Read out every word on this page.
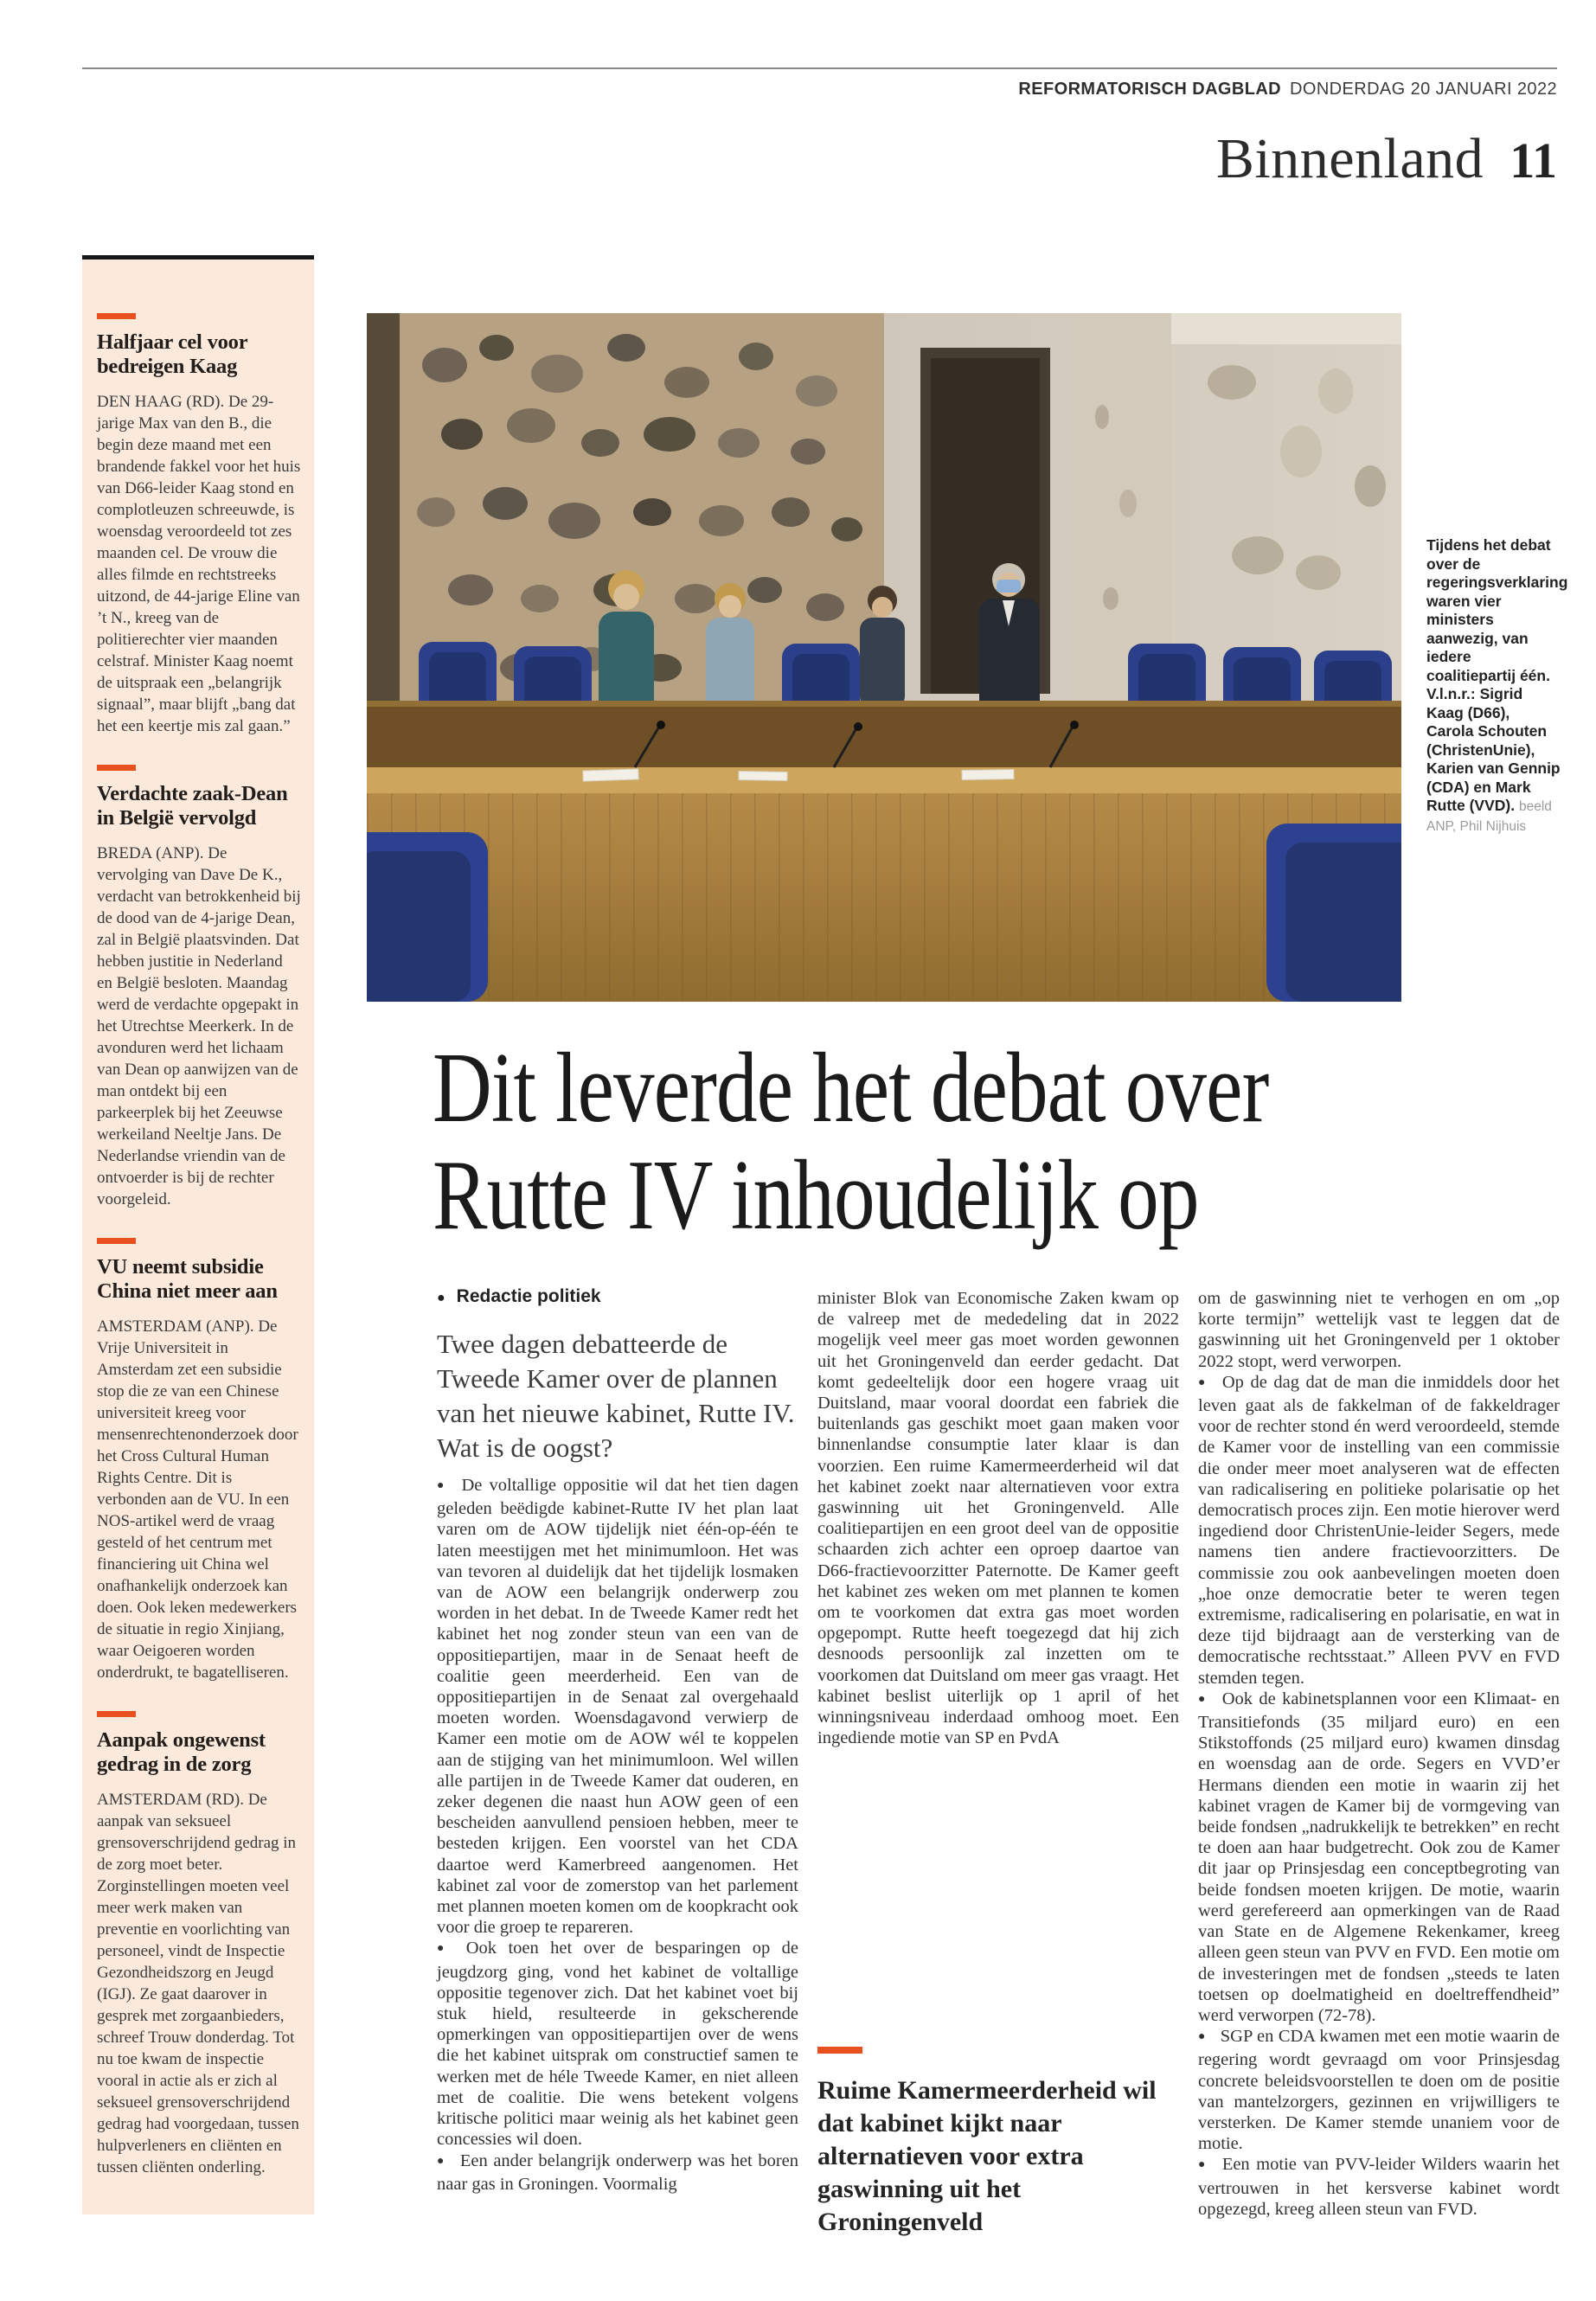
REFORMATORISCH DAGBLAD DONDERDAG 20 JANUARI 2022
Binnenland 11
Halfjaar cel voor bedreigen Kaag

DEN HAAG (RD). De 29-jarige Max van den B., die begin deze maand met een brandende fakkel voor het huis van D66-leider Kaag stond en complotleuzen schreeuwde, is woensdag veroordeeld tot zes maanden cel. De vrouw die alles filmde en rechtstreeks uitzond, de 44-jarige Eline van ’t N., kreeg van de politierechter vier maanden celstraf. Minister Kaag noemt de uitspraak een „belangrijk signaal”, maar blijft „bang dat het een keertje mis zal gaan.”

Verdachte zaak-Dean in België vervolgd

BREDA (ANP). De vervolging van Dave De K., verdacht van betrokkenheid bij de dood van de 4-jarige Dean, zal in België plaatsvinden. Dat hebben justitie in Nederland en België besloten. Maandag werd de verdachte opgepakt in het Utrechtse Meerkerk. In de avonduren werd het lichaam van Dean op aanwijzen van de man ontdekt bij een parkeerplek bij het Zeeuwse werkeiland Neeltje Jans. De Nederlandse vriendin van de ontvoerder is bij de rechter voorgeleid.

VU neemt subsidie China niet meer aan

AMSTERDAM (ANP). De Vrije Universiteit in Amsterdam zet een subsidie stop die ze van een Chinese universiteit kreeg voor mensenrechtenonderzoek door het Cross Cultural Human Rights Centre. Dit is verbonden aan de VU. In een NOS-artikel werd de vraag gesteld of het centrum met financiering uit China wel onafhankelijk onderzoek kan doen. Ook leken medewerkers de situatie in regio Xinjiang, waar Oeigoeren worden onderdrukt, te bagatelliseren.

Aanpak ongewenst gedrag in de zorg

AMSTERDAM (RD). De aanpak van seksueel grensoverschrijdend gedrag in de zorg moet beter. Zorginstellingen moeten veel meer werk maken van preventie en voorlichting van personeel, vindt de Inspectie Gezondheidszorg en Jeugd (IGJ). Ze gaat daarover in gesprek met zorgaanbieders, schreef Trouw donderdag. Tot nu toe kwam de inspectie vooral in actie als er zich al seksueel grensoverschrijdend gedrag had voorgedaan, tussen hulpverleners en cliënten en tussen cliënten onderling.

Tijdens het debat over de regeringsverklaring waren vier ministers aanwezig, van iedere coalitiepartij één. V.l.n.r.: Sigrid Kaag (D66), Carola Schouten (ChristenUnie), Karien van Gennip (CDA) en Mark Rutte (VVD). beeld ANP, Phil Nijhuis
Dit leverde het debat over
Rutte IV inhoudelijk op
● Redactie politiek
Twee dagen debatteerde de Tweede Kamer over de plannen van het nieuwe kabinet, Rutte IV. Wat is de oogst?

● De voltallige oppositie wil dat het tien dagen geleden beëdigde kabinet-Rutte IV het plan laat varen om de AOW tijdelijk niet één-op-één te laten meestijgen met het minimumloon. Het was van tevoren al duidelijk dat het tijdelijk losmaken van de AOW een belangrijk onderwerp zou worden in het debat. In de Tweede Kamer redt het kabinet het nog zonder steun van een van de oppositiepartijen, maar in de Senaat heeft de coalitie geen meerderheid. Een van de oppositiepartijen in de Senaat zal overgehaald moeten worden. Woensdagavond verwierp de Kamer een motie om de AOW wél te koppelen aan de stijging van het minimumloon. Wel willen alle partijen in de Tweede Kamer dat ouderen, en zeker degenen die naast hun AOW geen of een bescheiden aanvullend pensioen hebben, meer te besteden krijgen. Een voorstel van het CDA daartoe werd Kamerbreed aangenomen. Het kabinet zal voor de zomerstop van het parlement met plannen moeten komen om de koopkracht ook voor die groep te repareren.

● Ook toen het over de besparingen op de jeugdzorg ging, vond het kabinet de voltallige oppositie tegenover zich. Dat het kabinet voet bij stuk hield, resulteerde in gekscherende opmerkingen van oppositiepartijen over de wens die het kabinet uitsprak om constructief samen te werken met de héle Tweede Kamer, en niet alleen met de coalitie. Die wens betekent volgens kritische politici maar weinig als het kabinet geen concessies wil doen.

● Een ander belangrijk onderwerp was het boren naar gas in Groningen. Voormalig

minister Blok van Economische Zaken kwam op de valreep met de mededeling dat in 2022 mogelijk veel meer gas moet worden gewonnen uit het Groningenveld dan eerder gedacht. Dat komt gedeeltelijk door een hogere vraag uit Duitsland, maar vooral doordat een fabriek die buitenlands gas geschikt moet gaan maken voor binnenlandse consumptie later klaar is dan voorzien. Een ruime Kamermeerderheid wil dat het kabinet zoekt naar alternatieven voor extra gaswinning uit het Groningenveld. Alle coalitiepartijen en een groot deel van de oppositie schaarden zich achter een oproep daartoe van D66-fractievoorzitter Paternotte. De Kamer geeft het kabinet zes weken om met plannen te komen om te voorkomen dat extra gas moet worden opgepompt. Rutte heeft toegezegd dat hij zich desnoods persoonlijk zal inzetten om te voorkomen dat Duitsland om meer gas vraagt. Het kabinet beslist uiterlijk op 1 april of het winningsniveau inderdaad omhoog moet. Een ingediende motie van SP en PvdA

Ruime Kamermeerderheid wil dat kabinet kijkt naar alternatieven voor extra gaswinning uit het Groningenveld

om de gaswinning niet te verhogen en om „op korte termijn” wettelijk vast te leggen dat de gaswinning uit het Groningenveld per 1 oktober 2022 stopt, werd verworpen.

● Op de dag dat de man die inmiddels door het leven gaat als de fakkelman of de fakkeldrager voor de rechter stond én werd veroordeeld, stemde de Kamer voor de instelling van een commissie die onder meer moet analyseren wat de effecten van radicalisering en politieke polarisatie op het democratisch proces zijn. Een motie hierover werd ingediend door ChristenUnie-leider Segers, mede namens tien andere fractievoorzitters. De commissie zou ook aanbevelingen moeten doen „hoe onze democratie beter te weren tegen extremisme, radicalisering en polarisatie, en wat in deze tijd bijdraagt aan de versterking van de democratische rechtsstaat.” Alleen PVV en FVD stemden tegen.

● Ook de kabinetsplannen voor een Klimaat- en Transitiefonds (35 miljard euro) en een Stikstoffonds (25 miljard euro) kwamen dinsdag en woensdag aan de orde. Segers en VVD’er Hermans dienden een motie in waarin zij het kabinet vragen de Kamer bij de vormgeving van beide fondsen „nadrukkelijk te betrekken” en recht te doen aan haar budgetrecht. Ook zou de Kamer dit jaar op Prinsjesdag een conceptbegroting van beide fondsen moeten krijgen. De motie, waarin werd gerefereerd aan opmerkingen van de Raad van State en de Algemene Rekenkamer, kreeg alleen geen steun van PVV en FVD. Een motie om de investeringen met de fondsen „steeds te laten toetsen op doelmatigheid en doeltreffendheid” werd verworpen (72-78).

● SGP en CDA kwamen met een motie waarin de regering wordt gevraagd om voor Prinsjesdag concrete beleidsvoorstellen te doen om de positie van mantelzorgers, gezinnen en vrijwilligers te versterken. De Kamer stemde unaniem voor de motie.

● Een motie van PVV-leider Wilders waarin het vertrouwen in het kersverse kabinet wordt opgezegd, kreeg alleen steun van FVD.
